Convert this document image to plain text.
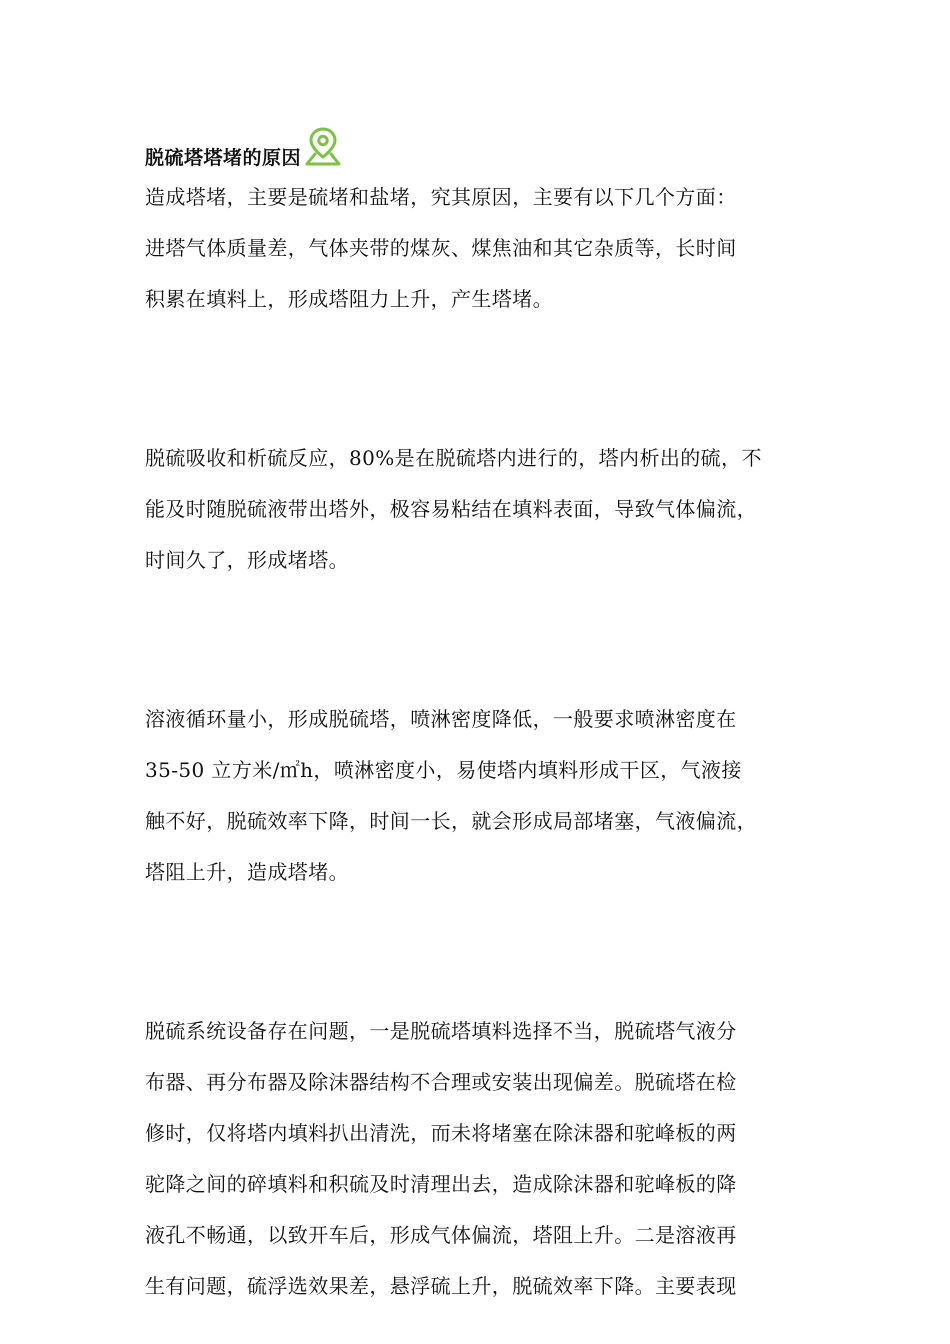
脱硫塔塔堵的原因
造成塔堵，主要是硫堵和盐堵，究其原因，主要有以下几个方面：
进塔气体质量差，气体夹带的煤灰、煤焦油和其它杂质等，长时间
积累在填料上，形成塔阻力上升，产生塔堵。
脱硫吸收和析硫反应，80%是在脱硫塔内进行的，塔内析出的硫，不
能及时随脱硫液带出塔外，极容易粘结在填料表面，导致气体偏流，
时间久了，形成堵塔。
溶液循环量小，形成脱硫塔，喷淋密度降低，一般要求喷淋密度在
35-50 立方米/㎡h，喷淋密度小，易使塔内填料形成干区，气液接
触不好，脱硫效率下降，时间一长，就会形成局部堵塞，气液偏流，
塔阻上升，造成塔堵。
脱硫系统设备存在问题，一是脱硫塔填料选择不当，脱硫塔气液分
布器、再分布器及除沫器结构不合理或安装出现偏差。脱硫塔在检
修时，仅将塔内填料扒出清洗，而未将堵塞在除沫器和驼峰板的两
驼降之间的碎填料和积硫及时清理出去，造成除沫器和驼峰板的降
液孔不畅通，以致开车后，形成气体偏流，塔阻上升。二是溶液再
生有问题，硫浮选效果差，悬浮硫上升，脱硫效率下降。主要表现
